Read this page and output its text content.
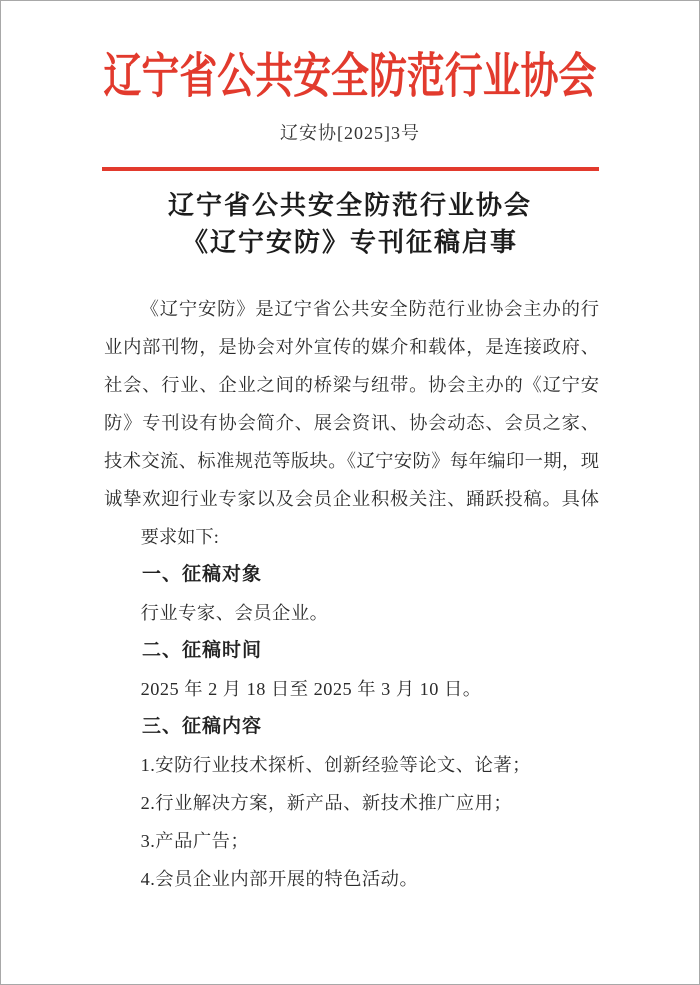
辽宁省公共安全防范行业协会
辽安协[2025]3号
辽宁省公共安全防范行业协会
《辽宁安防》专刊征稿启事
《辽宁安防》是辽宁省公共安全防范行业协会主办的行
业内部刊物，是协会对外宣传的媒介和载体，是连接政府、
社会、行业、企业之间的桥梁与纽带。协会主办的《辽宁安
防》专刊设有协会简介、展会资讯、协会动态、会员之家、
技术交流、标准规范等版块。《辽宁安防》每年编印一期，现
诚挚欢迎行业专家以及会员企业积极关注、踊跃投稿。具体
要求如下:
一、征稿对象
行业专家、会员企业。
二、征稿时间
2025 年 2 月 18 日至 2025 年 3 月 10 日。
三、征稿内容
1.安防行业技术探析、创新经验等论文、论著；
2.行业解决方案，新产品、新技术推广应用；
3.产品广告；
4.会员企业内部开展的特色活动。
